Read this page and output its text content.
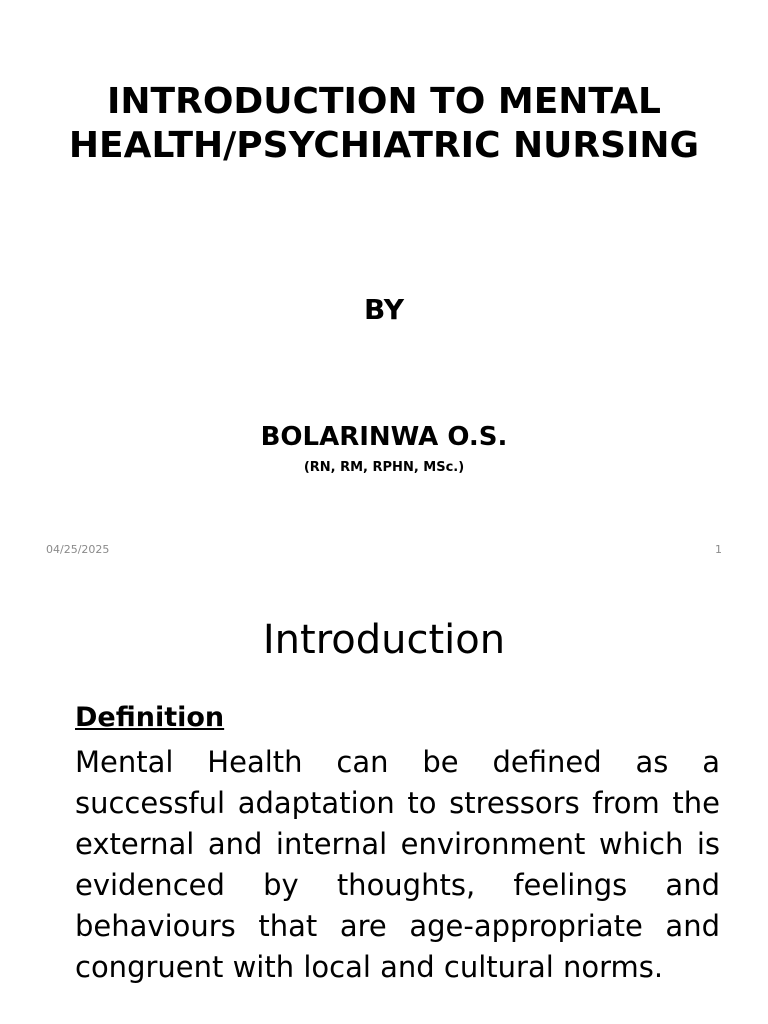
INTRODUCTION TO MENTAL HEALTH/PSYCHIATRIC NURSING
BY
BOLARINWA O.S.
(RN, RM, RPHN, MSc.)
04/25/2025	1
Introduction
Definition

Mental Health can be defined as a successful adaptation to stressors from the external and internal environment which is evidenced by thoughts, feelings and behaviours that are age-appropriate and congruent with local and cultural norms.
